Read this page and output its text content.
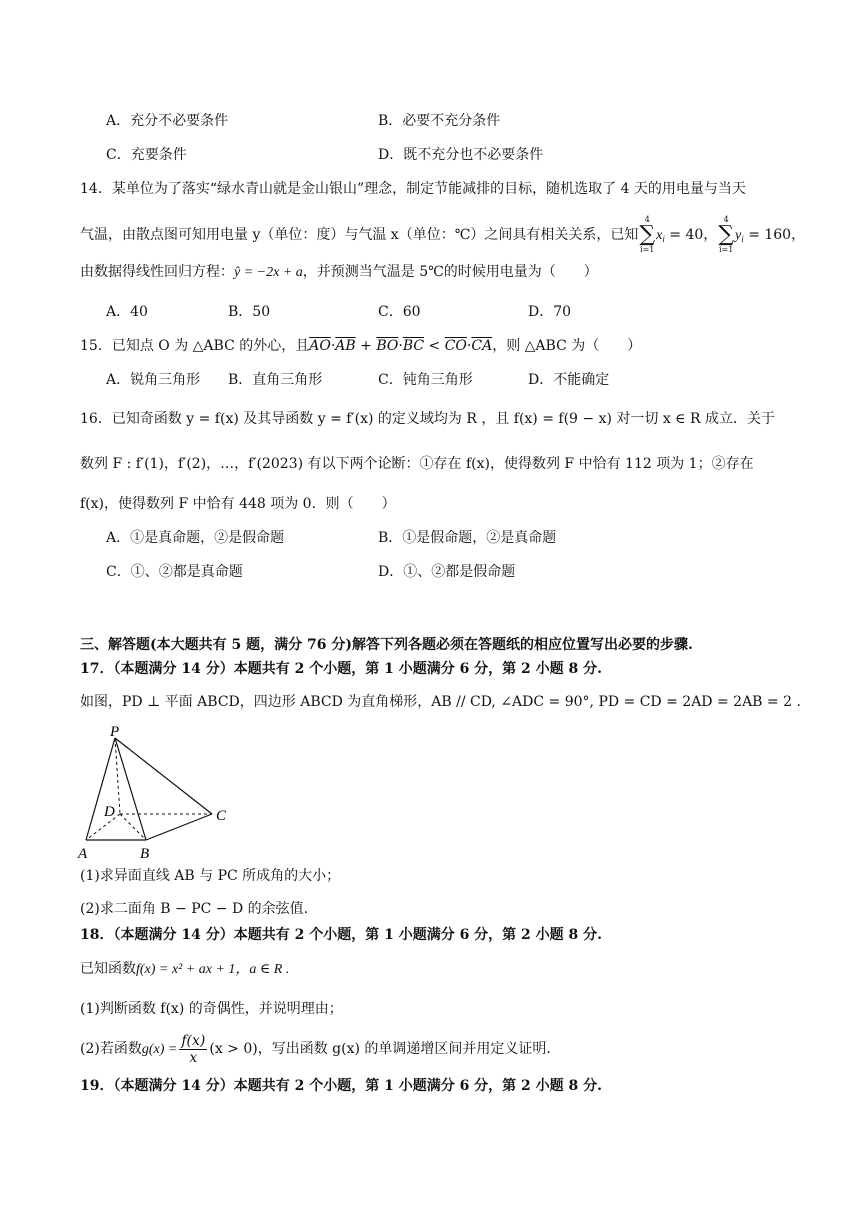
A．充分不必要条件	B．必要不充分条件
C．充要条件	D．既不充分也不必要条件
14．某单位为了落实“绿水青山就是金山银山”理念，制定节能减排的目标，随机选取了 4 天的用电量与当天
气温，由散点图可知用电量 y（单位：度）与气温 x（单位：℃）之间具有相关关系，已知
4
∑
i=1
$x_i = 40$，
4
∑
i=1
$y_i = 160$，
由数据得线性回归方程：ŷ = −2x + a，并预测当气温是 5℃的时候用电量为（　　）
A．40	B．50	C．60	D．70
15．已知点 O 为 △ABC 的外心，且$\overline{AO}\cdot\overline{AB} + \overline{BO}\cdot\overline{BC} < \overline{CO}\cdot\overline{CA}$，则 △ABC 为（　　）
A．锐角三角形 B．直角三角形	C．钝角三角形	D．不能确定
16．已知奇函数 y = f(x) 及其导函数 y = f′(x) 的定义域均为 R ，且 f(x) = f(9 − x) 对一切 x ∈ R 成立．关于
数列 F : f′(1)，f′(2)，…，f′(2023) 有以下两个论断：①存在 f(x)，使得数列 F 中恰有 112 项为 1；②存在
f(x)，使得数列 F 中恰有 448 项为 0．则（　　）
A．①是真命题，②是假命题	B．①是假命题，②是真命题
C．①、②都是真命题	D．①、②都是假命题
三、解答题(本大题共有 5 题，满分 76 分)解答下列各题必须在答题纸的相应位置写出必要的步骤.
17．（本题满分 14 分）本题共有 2 个小题，第 1 小题满分 6 分，第 2 小题 8 分.
如图，PD ⊥ 平面 ABCD，四边形 ABCD 为直角梯形，AB // CD, ∠ADC = 90°, PD = CD = 2AD = 2AB = 2 .
P
D	C
A	B
(1)求异面直线 AB 与 PC 所成角的大小；
(2)求二面角 B − PC − D 的余弦值.
18．（本题满分 14 分）本题共有 2 个小题，第 1 小题满分 6 分，第 2 小题 8 分.
已知函数f(x) = x² + ax + 1，a ∈ R .
(1)判断函数 f(x) 的奇偶性，并说明理由；
(2)若函数$g(x) = \frac{f(x)}{x} (x > 0)$，写出函数 g(x) 的单调递增区间并用定义证明.
19．（本题满分 14 分）本题共有 2 个小题，第 1 小题满分 6 分，第 2 小题 8 分.
